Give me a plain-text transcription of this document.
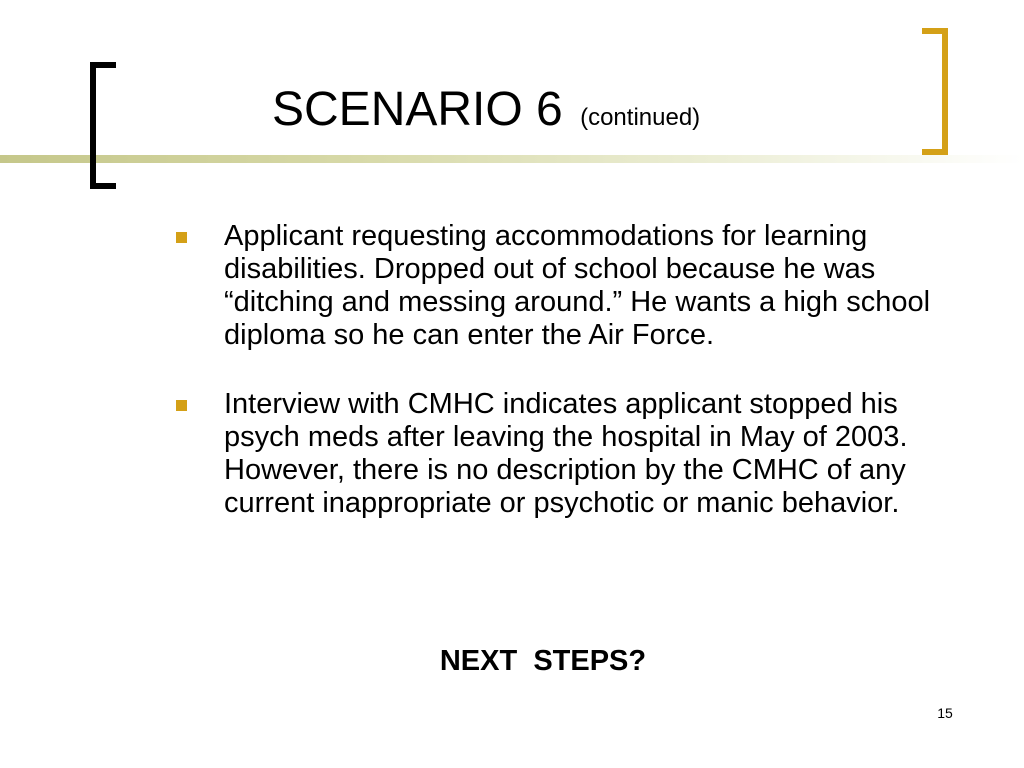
SCENARIO 6 (continued)
Applicant requesting accommodations for learning disabilities. Dropped out of school because he was “ditching and messing around.” He wants a high school diploma so he can enter the Air Force.
Interview with CMHC indicates applicant stopped his psych meds after leaving the hospital in May of 2003. However, there is no description by the CMHC of any current inappropriate or psychotic or manic behavior.
NEXT  STEPS?
15
